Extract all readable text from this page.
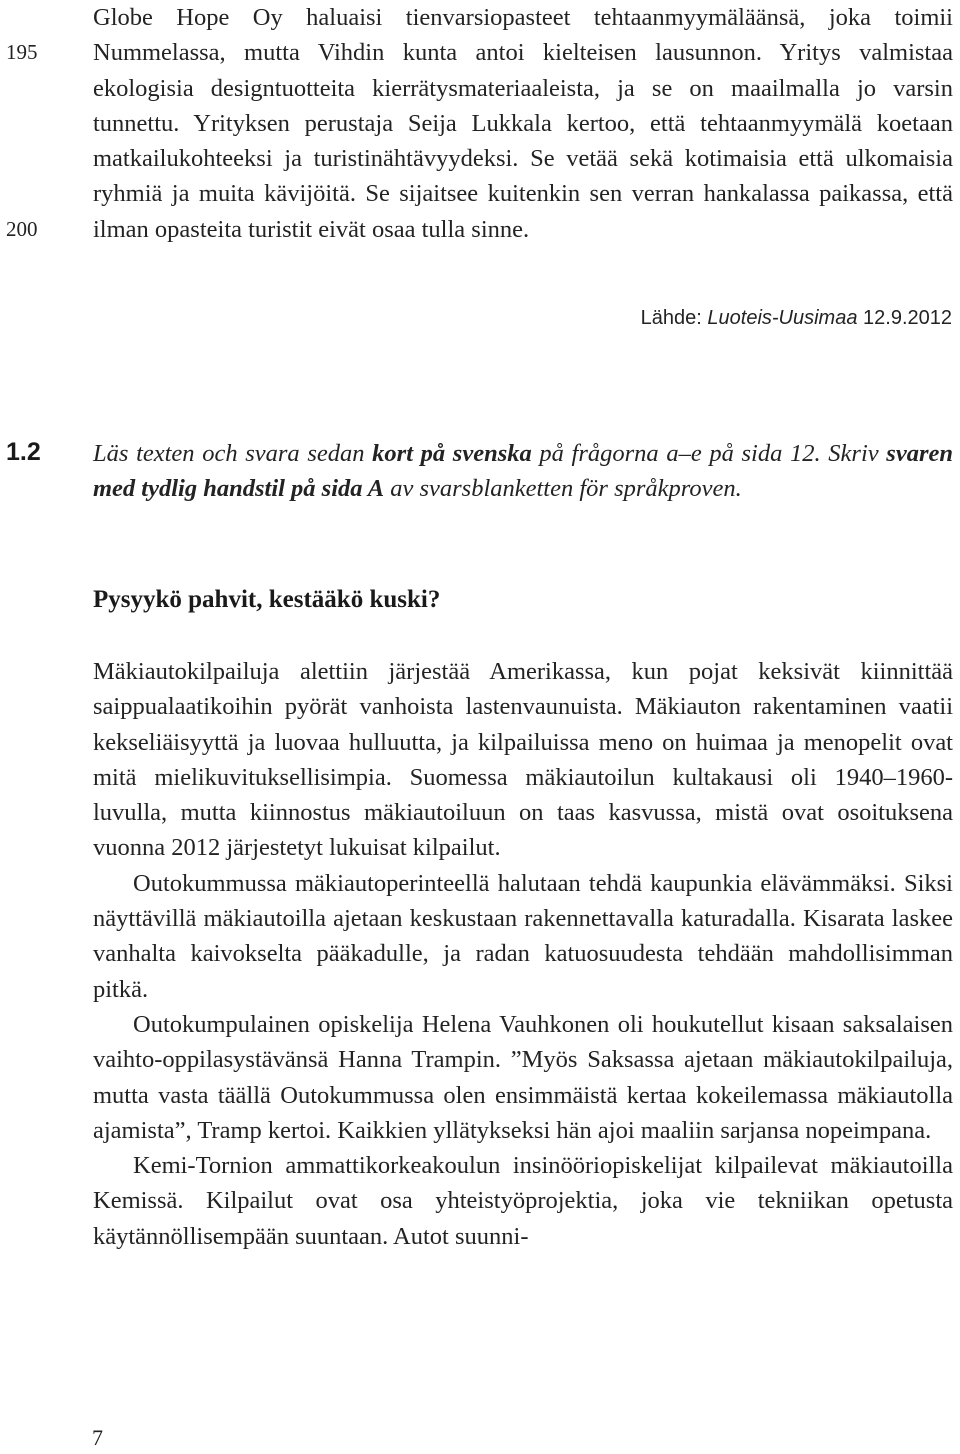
195
200

Globe Hope Oy haluaisi tienvarsiopasteet tehtaanmyymäläänsä, joka toimii Nummelassa, mutta Vihdin kunta antoi kielteisen lausunnon. Yritys valmistaa ekologisia designtuotteita kierrätysmateriaaleista, ja se on maailmalla jo varsin tunnettu. Yrityksen perustaja Seija Lukkala kertoo, että tehtaanmyymälä koetaan matkailukohteeksi ja turistinähtävyydeksi. Se vetää sekä kotimaisia että ulkomaisia ryhmiä ja muita kävijöitä. Se sijaitsee kuitenkin sen verran hankalassa paikassa, että ilman opasteita turistit eivät osaa tulla sinne.

Lähde: Luoteis-Uusimaa 12.9.2012
1.2 Läs texten och svara sedan kort på svenska på frågorna a–e på sida 12. Skriv svaren med tydlig handstil på sida A av svarsblanketten för språkproven.
Pysyykö pahvit, kestääkö kuski?

Mäkiautokilpailuja alettiin järjestää Amerikassa, kun pojat keksivät kiinnittää saippualaatikoihin pyörät vanhoista lastenvaunuista. Mäkiauton rakentaminen vaatii kekseliäisyyttä ja luovaa hulluutta, ja kilpailuissa meno on huimaa ja menopelit ovat mitä mielikuvituksellisimpia. Suomessa mäkiautoilun kultakausi oli 1940–1960-luvulla, mutta kiinnostus mäkiautoiluun on taas kasvussa, mistä ovat osoituksena vuonna 2012 järjestetyt lukuisat kilpailut.

Outokummussa mäkiautoperinteellä halutaan tehdä kaupunkia elävämmäksi. Siksi näyttävillä mäkiautoilla ajetaan keskustaan rakennettavalla katuradalla. Kisarata laskee vanhalta kaivokselta pääkadulle, ja radan katuosuudesta tehdään mahdollisimman pitkä.

Outokumpulainen opiskelija Helena Vauhkonen oli houkutellut kisaan saksalaisen vaihto-oppilasystävänsä Hanna Trampin. ”Myös Saksassa ajetaan mäkiautokilpailuja, mutta vasta täällä Outokummussa olen ensimmäistä kertaa kokeilemassa mäkiautolla ajamista”, Tramp kertoi. Kaikkien yllätykseksi hän ajoi maaliin sarjansa nopeimpana.

Kemi-Tornion ammattikorkeakoulun insinööriopiskelijat kilpailevat mäkiautoilla Kemissä. Kilpailut ovat osa yhteistyöprojektia, joka vie tekniikan opetusta käytännöllisempään suuntaan. Autot suunni-

7
